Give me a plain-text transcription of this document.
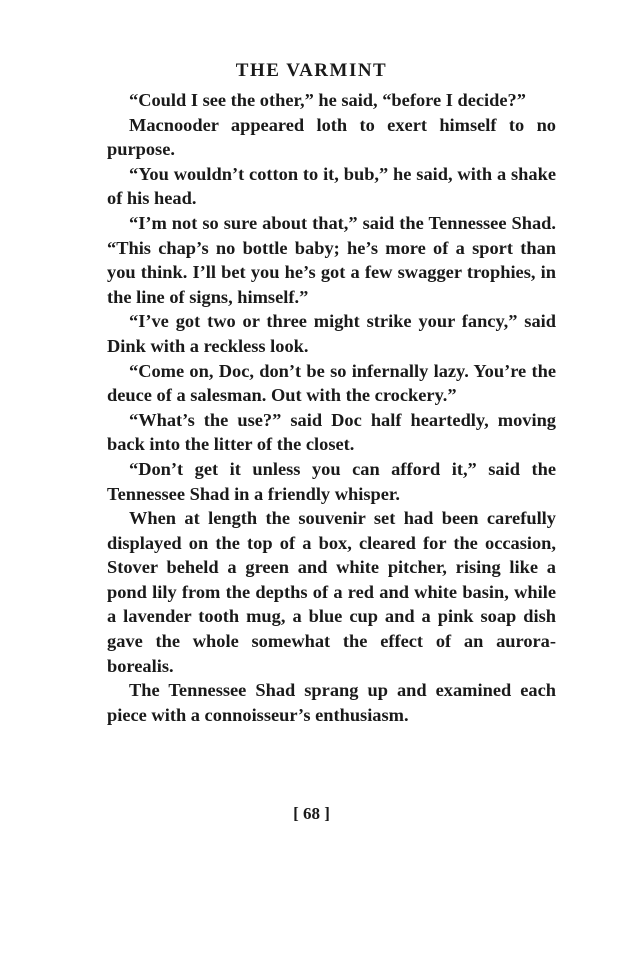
THE VARMINT

“Could I see the other,” he said, “before I decide?”

Macnooder appeared loth to exert himself to no purpose.

“You wouldn’t cotton to it, bub,” he said, with a shake of his head.

“I’m not so sure about that,” said the Tennessee Shad. “This chap’s no bottle baby; he’s more of a sport than you think. I’ll bet you he’s got a few swagger trophies, in the line of signs, himself.”

“I’ve got two or three might strike your fancy,” said Dink with a reckless look.

“Come on, Doc, don’t be so infernally lazy. You’re the deuce of a salesman. Out with the crockery.”

“What’s the use?” said Doc half heartedly, moving back into the litter of the closet.

“Don’t get it unless you can afford it,” said the Tennessee Shad in a friendly whisper.

When at length the souvenir set had been carefully displayed on the top of a box, cleared for the occasion, Stover beheld a green and white pitcher, rising like a pond lily from the depths of a red and white basin, while a lavender tooth mug, a blue cup and a pink soap dish gave the whole somewhat the effect of an aurora-borealis.

The Tennessee Shad sprang up and examined each piece with a connoisseur’s enthusiasm.

[ 68 ]
